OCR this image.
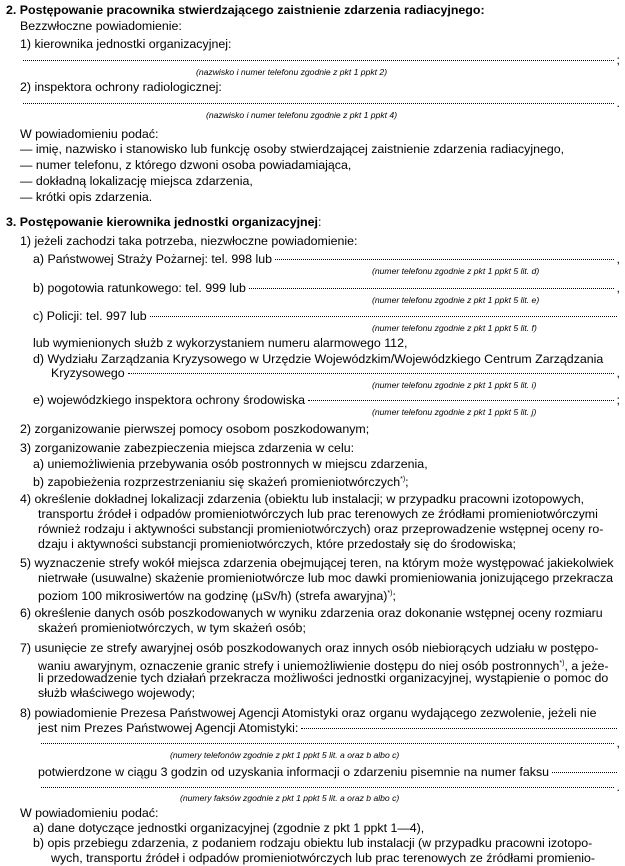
2. Postępowanie pracownika stwierdzającego zaistnienie zdarzenia radiacyjnego:
Bezzwłoczne powiadomienie:
1) kierownika jednostki organizacyjnej:
;
(nazwisko i numer telefonu zgodnie z pkt 1 ppkt 2)
2) inspektora ochrony radiologicznej:
.
(nazwisko i numer telefonu zgodnie z pkt 1 ppkt 4)
W powiadomieniu podać:
— imię, nazwisko i stanowisko lub funkcję osoby stwierdzającej zaistnienie zdarzenia radiacyjnego,
— numer telefonu, z którego dzwoni osoba powiadamiająca,
— dokładną lokalizację miejsca zdarzenia,
— krótki opis zdarzenia.
3. Postępowanie kierownika jednostki organizacyjnej:
1) jeżeli zachodzi taka potrzeba, niezwłoczne powiadomienie:
a) Państwowej Straży Pożarnej: tel. 998 lub	,
(numer telefonu zgodnie z pkt 1 ppkt 5 lit. d)
b) pogotowia ratunkowego: tel. 999 lub	,
(numer telefonu zgodnie z pkt 1 ppkt 5 lit. e)
c) Policji: tel. 997 lub
(numer telefonu zgodnie z pkt 1 ppkt 5 lit. f)
lub wymienionych służb z wykorzystaniem numeru alarmowego 112,
d) Wydziału Zarządzania Kryzysowego w Urzędzie Wojewódzkim/Wojewódzkiego Centrum Zarządzania
Kryzysowego	,
(numer telefonu zgodnie z pkt 1 ppkt 5 lit. i)
e) wojewódzkiego inspektora ochrony środowiska	;
(numer telefonu zgodnie z pkt 1 ppkt 5 lit. j)
2) zorganizowanie pierwszej pomocy osobom poszkodowanym;
3) zorganizowanie zabezpieczenia miejsca zdarzenia w celu:
a) uniemożliwienia przebywania osób postronnych w miejscu zdarzenia,
b) zapobieżenia rozprzestrzenianiu się skażeń promieniotwórczych*);
4) określenie dokładnej lokalizacji zdarzenia (obiektu lub instalacji; w przypadku pracowni izotopowych,
transportu źródeł i odpadów promieniotwórczych lub prac terenowych ze źródłami promieniotwórczymi
również rodzaju i aktywności substancji promieniotwórczych) oraz przeprowadzenie wstępnej oceny ro-
dzaju i aktywności substancji promieniotwórczych, które przedostały się do środowiska;
5) wyznaczenie strefy wokół miejsca zdarzenia obejmującej teren, na którym może występować jakiekolwiek
nietrwałe (usuwalne) skażenie promieniotwórcze lub moc dawki promieniowania jonizującego przekracza
poziom 100 mikrosiwertów na godzinę (µSv/h) (strefa awaryjna)*);
6) określenie danych osób poszkodowanych w wyniku zdarzenia oraz dokonanie wstępnej oceny rozmiaru
skażeń promieniotwórczych, w tym skażeń osób;
7) usunięcie ze strefy awaryjnej osób poszkodowanych oraz innych osób niebiorących udziału w postępo-
waniu awaryjnym, oznaczenie granic strefy i uniemożliwienie dostępu do niej osób postronnych*), a jeże-
li przedowadzenie tych działań przekracza możliwości jednostki organizacyjnej, wystąpienie o pomoc do
służb właściwego wojewody;
8) powiadomienie Prezesa Państwowej Agencji Atomistyki oraz organu wydającego zezwolenie, jeżeli nie
jest nim Prezes Państwowej Agencji Atomistyki:
,
(numery telefonów zgodnie z pkt 1 ppkt 5 lit. a oraz b albo c)
potwierdzone w ciągu 3 godzin od uzyskania informacji o zdarzeniu pisemnie na numer faksu
.
(numery faksów zgodnie z pkt 1 ppkt 5 lit. a oraz b albo c)
W powiadomieniu podać:
a) dane dotyczące jednostki organizacyjnej (zgodnie z pkt 1 ppkt 1—4),
b) opis przebiegu zdarzenia, z podaniem rodzaju obiektu lub instalacji (w przypadku pracowni izotopo-
wych, transportu źródeł i odpadów promieniotwórczych lub prac terenowych ze źródłami promienio-
